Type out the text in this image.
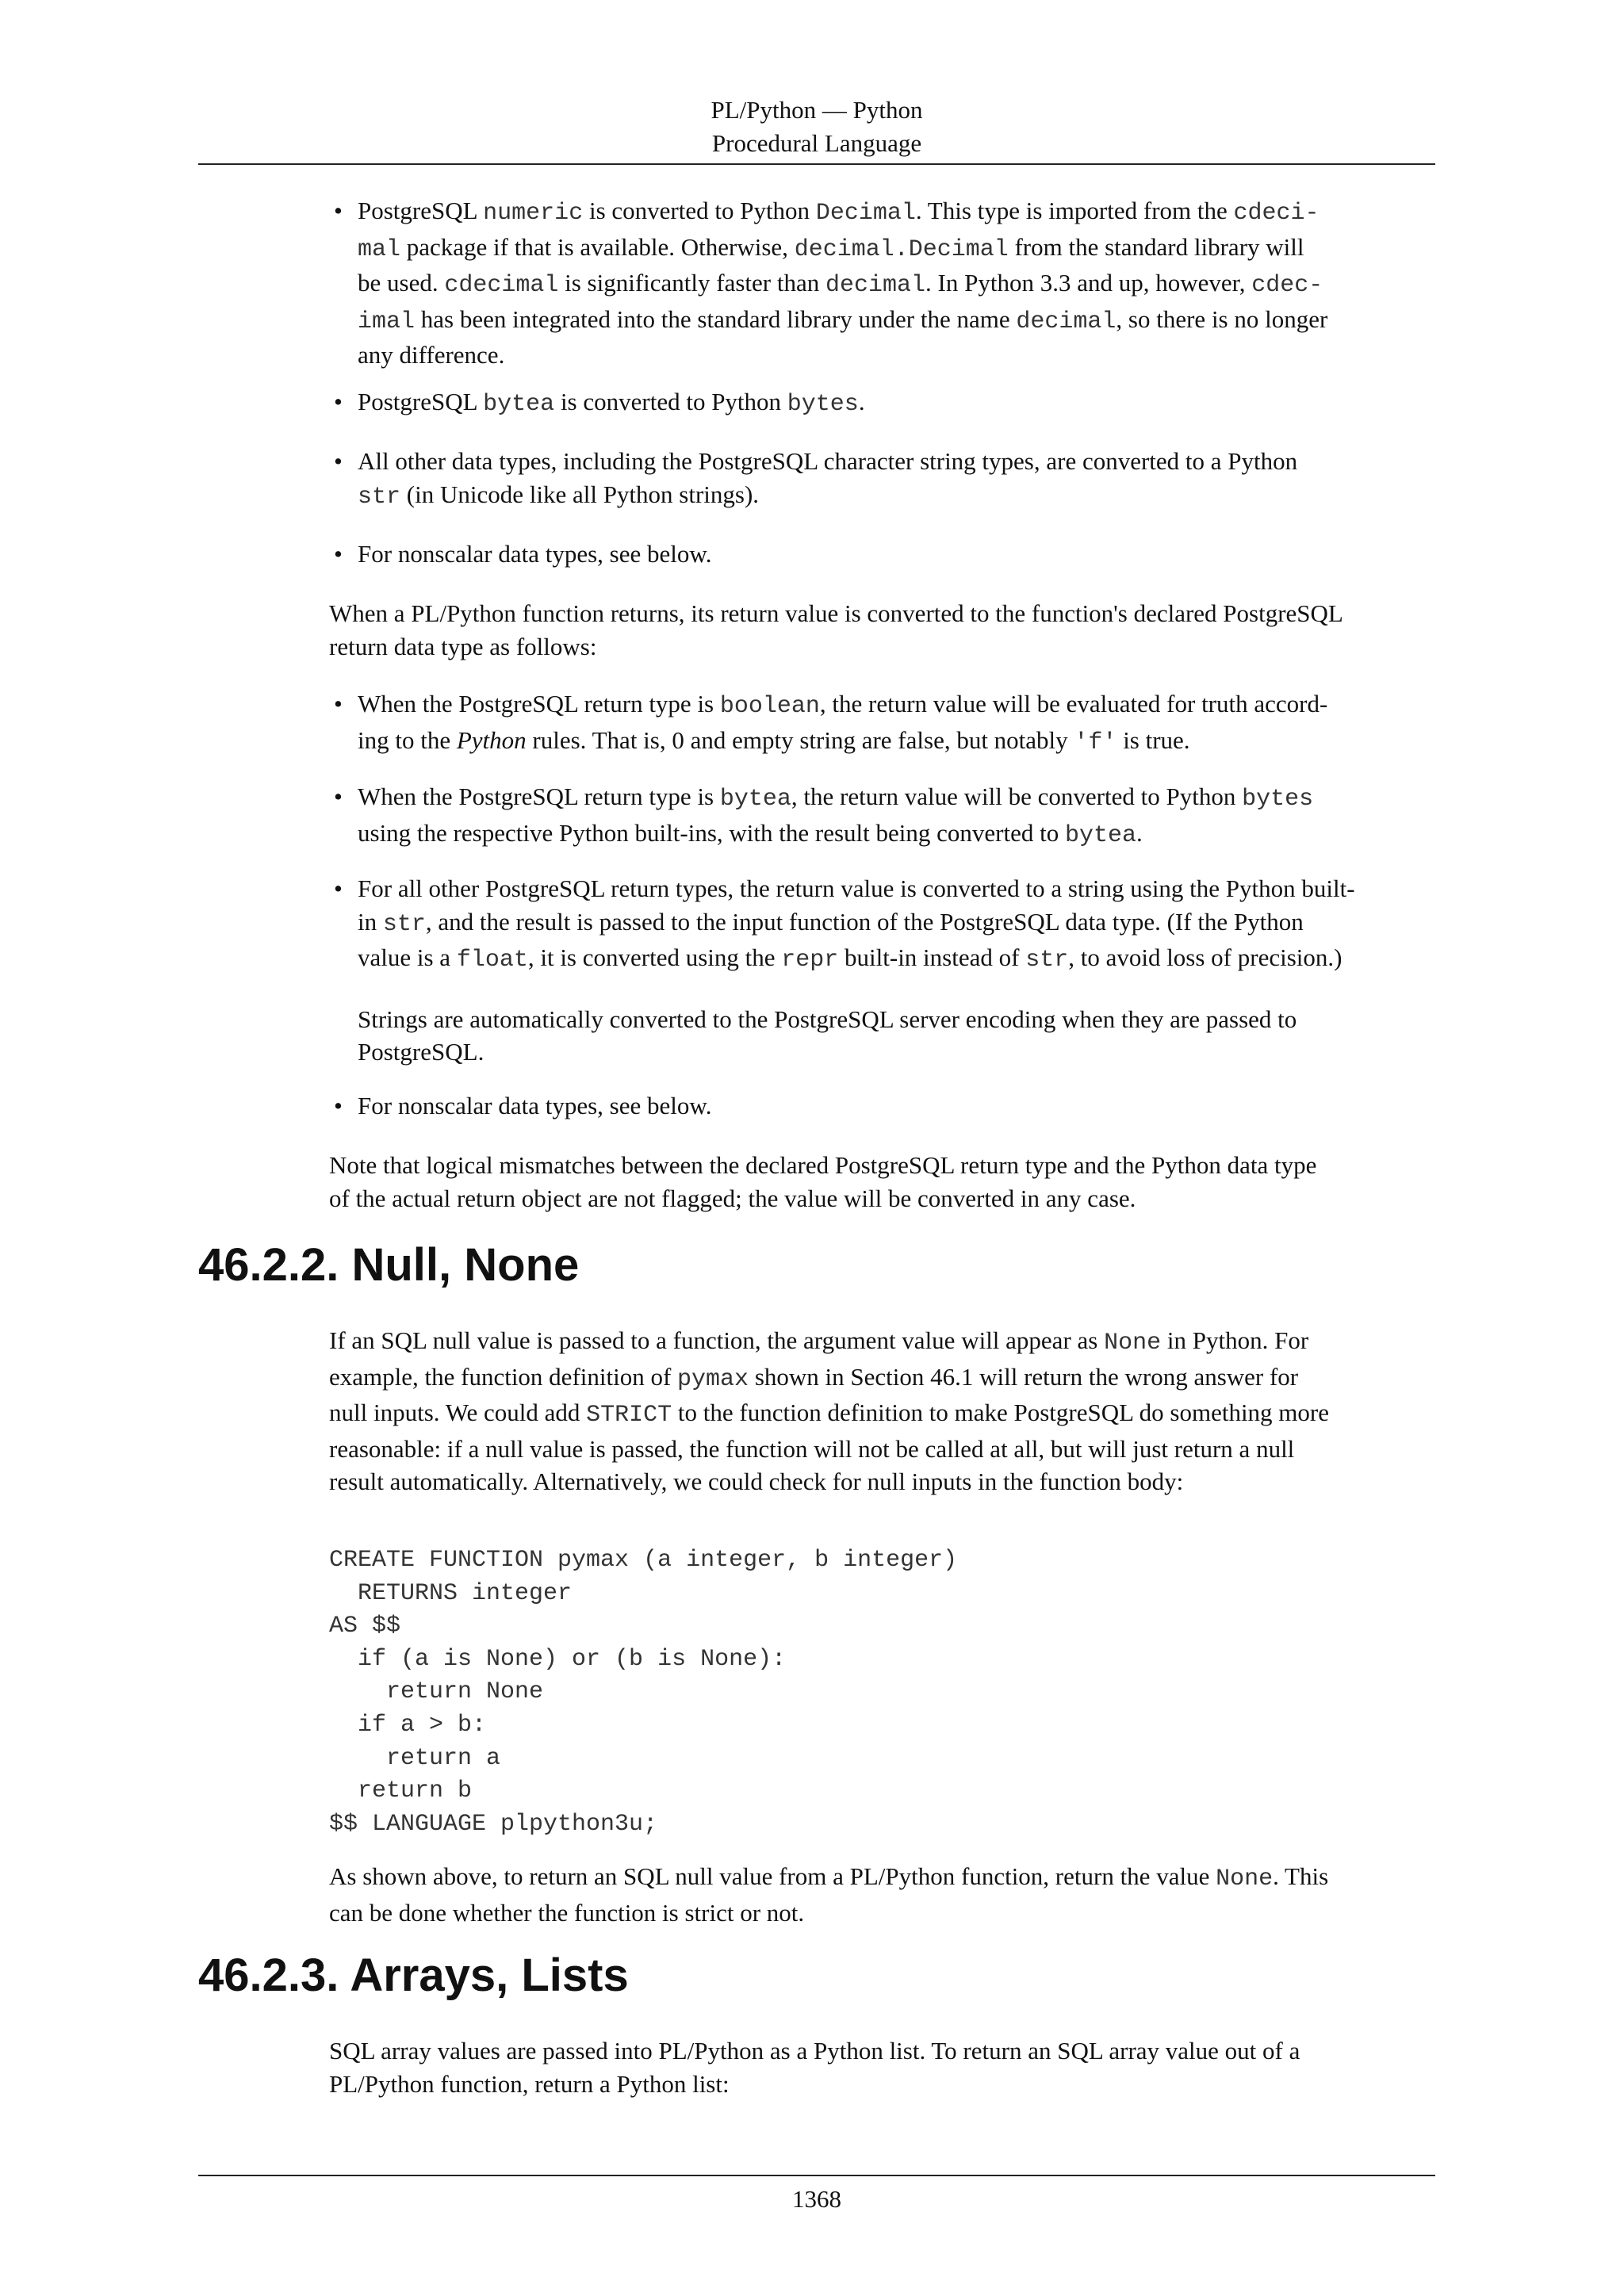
PL/Python — Python
Procedural Language
• PostgreSQL numeric is converted to Python Decimal. This type is imported from the cdeci-
mal package if that is available. Otherwise, decimal.Decimal from the standard library will
be used. cdecimal is significantly faster than decimal. In Python 3.3 and up, however, cdec-
imal has been integrated into the standard library under the name decimal, so there is no longer
any difference.
• PostgreSQL bytea is converted to Python bytes.
• All other data types, including the PostgreSQL character string types, are converted to a Python
str (in Unicode like all Python strings).
• For nonscalar data types, see below.
When a PL/Python function returns, its return value is converted to the function's declared PostgreSQL
return data type as follows:
• When the PostgreSQL return type is boolean, the return value will be evaluated for truth accord-
ing to the Python rules. That is, 0 and empty string are false, but notably 'f' is true.
• When the PostgreSQL return type is bytea, the return value will be converted to Python bytes
using the respective Python built-ins, with the result being converted to bytea.
• For all other PostgreSQL return types, the return value is converted to a string using the Python built-
in str, and the result is passed to the input function of the PostgreSQL data type. (If the Python
value is a float, it is converted using the repr built-in instead of str, to avoid loss of precision.)
Strings are automatically converted to the PostgreSQL server encoding when they are passed to
PostgreSQL.
• For nonscalar data types, see below.
Note that logical mismatches between the declared PostgreSQL return type and the Python data type
of the actual return object are not flagged; the value will be converted in any case.
46.2.2. Null, None
If an SQL null value is passed to a function, the argument value will appear as None in Python. For
example, the function definition of pymax shown in Section 46.1 will return the wrong answer for
null inputs. We could add STRICT to the function definition to make PostgreSQL do something more
reasonable: if a null value is passed, the function will not be called at all, but will just return a null
result automatically. Alternatively, we could check for null inputs in the function body:
CREATE FUNCTION pymax (a integer, b integer)
RETURNS integer
AS $$
if (a is None) or (b is None):
return None
if a > b:
return a
return b
$$ LANGUAGE plpython3u;
As shown above, to return an SQL null value from a PL/Python function, return the value None. This
can be done whether the function is strict or not.
46.2.3. Arrays, Lists
SQL array values are passed into PL/Python as a Python list. To return an SQL array value out of a
PL/Python function, return a Python list:
1368
